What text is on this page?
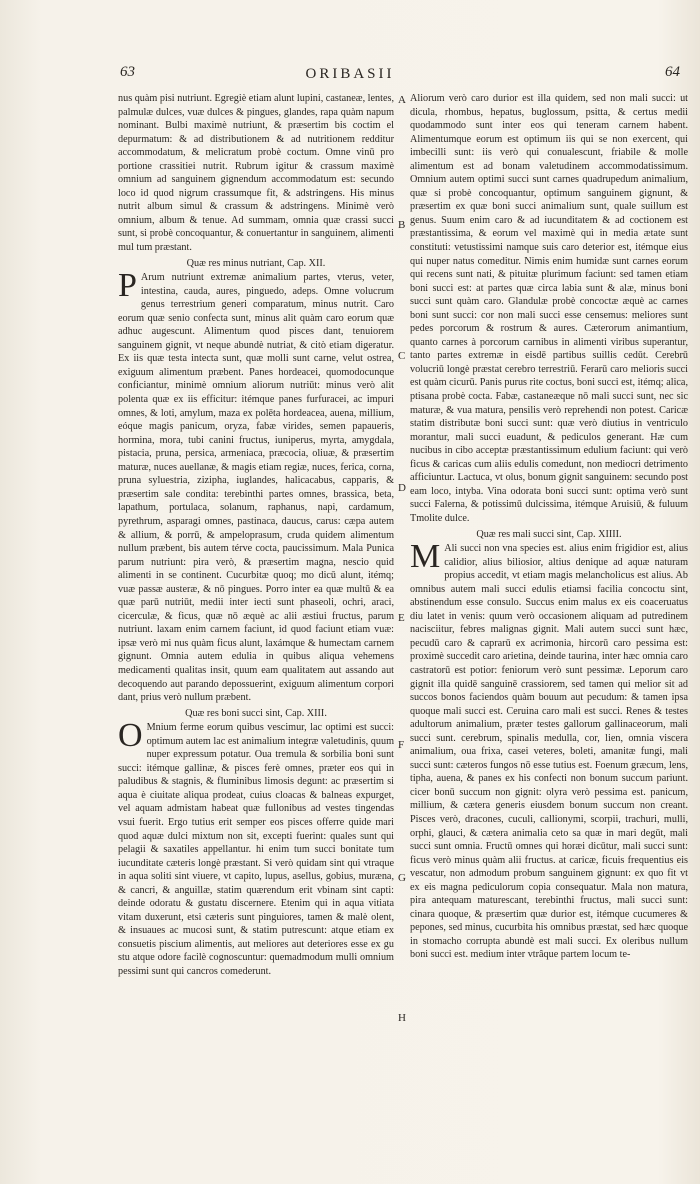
63	ORIBASII	64

nus quàm pisi nutriunt. Egregiè etiam alunt lupini, castaneæ, lentes, palmulæ dulces, vuæ dulces & pingues, glandes, rapa quàm napum nominant. Bulbi maximè nutriunt, & præsertim bis coctim el depurmatum: & ad distributionem & ad nutritionem redditur accommodatum, & melicratum probè coctum. Omne vinū pro portione crassitiei nutrit. Rubrum igitur & crassum maximè omnium ad sanguinem gignendum accommodatum est: secundo loco id quod nigrum crassumque fit, & adstringens. His minus nutrit album simul & crassum & adstringens. Minimè verò omnium, album & tenue. Ad summam, omnia quæ crassi succi sunt, si probè concoquantur, & conuertantur in sanguinem, alimenti mul tum præstant.

Quæ res minus nutriant, Cap. XII.

P Arum nutriunt extremæ animalium partes, vterus, veter, intestina, cauda, aures, pinguedo, adeps. Omne volucrum genus terrestrium generi comparatum, minus nutrit. Caro eorum quæ senio confecta sunt, minus alit quàm caro eorum quæ adhuc augescunt. Alimentum quod pisces dant, tenuiorem sanguinem gignit, vt neque abundè nutriat, & citò etiam digeratur. Ex iis quæ testa intecta sunt, quæ molli sunt carne, velut ostrea, exiguum alimentum præbent. Panes hordeacei, quomodocunque conficiantur, minimè omnium aliorum nutriūt: minus verò alit polenta quæ ex iis efficitur: itémque panes furfuracei, ac impuri omnes, & loti, amylum, maza ex polēta hordeacea, auena, millium, eóque magis panicum, oryza, fabæ virides, semen papaueris, hormina, mora, tubi canini fructus, iuniperus, myrta, amygdala, pistacia, pruna, persica, armeniaca, præcocia, oliuæ, & præsertim maturæ, nuces auellanæ, & magis etiam regiæ, nuces, ferica, corna, pruna syluestria, zizipha, iuglandes, halicacabus, capparis, & præsertim sale condita: terebinthi partes omnes, brassica, beta, lapathum, portulaca, solanum, raphanus, napi, cardamum, pyrethrum, asparagi omnes, pastinaca, daucus, carus: cæpa autem & allium, & porrū, & ampeloprasum, cruda quidem alimentum nullum præbent, bis autem térve cocta, paucissimum. Mala Punica parum nutriunt: pira verò, & præsertim magna, nescio quid alimenti in se continent. Cucurbitæ quoq; mo dicū alunt, itémq; vuæ passæ austeræ, & nō pingues. Porro inter ea quæ multū & ea quæ parū nutriūt, medii inter iecti sunt phaseoli, ochri, araci, cicerculæ, & ficus, quæ nō æquè ac alii æstiui fructus, parum nutriunt. laxam enim carnem faciunt, id quod faciunt etiam vuæ: ipsæ verò mi nus quàm ficus alunt, laxámque & humectam carnem gignunt. Omnia autem edulia in quibus aliqua vehemens medicamenti qualitas insit, quum eam qualitatem aut assando aut decoquendo aut parando depossuerint, exiguum alimentum corpori dant, prius verò nullum præbent.

Quæ res boni succi sint, Cap. XIII.

O Mnium ferme eorum quibus vescimur, lac optimi est succi: optimum autem lac est animalium integræ valetudinis, quum nuper expressum potatur. Oua tremula & sorbilia boni sunt succi: itémque gallinæ, & pisces ferè omnes, præter eos qui in paludibus & stagnis, & fluminibus limosis degunt: ac præsertim si aqua è ciuitate aliqua prodeat, cuius cloacas & balneas expurget, vel aquam admistam habeat quæ fullonibus ad vestes tingendas vsui fuerit. Ergo tutius erit semper eos pisces offerre quide mari quod aquæ dulci mixtum non sit, excepti fuerint: quales sunt qui pelagii & saxatiles appellantur. hi enim tum succi bonitate tum iucunditate cæteris longè præstant. Si verò quidam sint qui vtraque in aqua soliti sint viuere, vt capito, lupus, asellus, gobius, muræna, & cancri, & anguillæ, statim quærendum erit vbinam sint capti: deinde odoratu & gustatu discernere. Etenim qui in aqua vitiata vitam duxerunt, etsi cæteris sunt pinguiores, tamen & malè olent, & insuaues ac mucosi sunt, & statim putrescunt: atque etiam ex consuetis piscium alimentis, aut meliores aut deteriores esse ex gu stu atque odore facilè cognoscuntur: quemadmodum mulli omnium pessimi sunt qui cancros comederunt.

A
B
C
D
E
F
G
H

Aliorum verò caro durior est illa quidem, sed non mali succi: ut dicula, rhombus, hepatus, buglossum, psitta, & certus medii quodammodo sunt inter eos qui teneram carnem habent. Alimentumque eorum est optimum iis qui se non exercent, qui imbecilli sunt: iis verò qui conualescunt, friabile & molle alimentum est ad bonam valetudinem accommodatissimum. Omnium autem optimi succi sunt carnes quadrupedum animalium, quæ si probè concoquantur, optimum sanguinem gignunt, & præsertim ex quæ boni succi animalium sunt, quale suillum est genus. Suum enim caro & ad iucunditatem & ad coctionem est præstantissima, & eorum vel maximè qui in media ætate sunt constituti: vetustissimi namque suis caro deterior est, itémque eius qui nuper natus comeditur. Nimis enim humidæ sunt carnes eorum qui recens sunt nati, & pituitæ plurimum faciunt: sed tamen etiam boni succi est: at partes quæ circa labia sunt & alæ, minus boni succi sunt quàm caro. Glandulæ probè concoctæ æquè ac carnes boni sunt succi: cor non mali succi esse censemus: meliores sunt pedes porcorum & rostrum & aures. Cæterorum animantium, quanto carnes à porcorum carnibus in alimenti viribus superantur, tanto partes extremæ in eisdē partibus suillis cedūt. Cerebrū volucriū longè præstat cerebro terrestriū. Ferarū caro melioris succi est quàm cicurū. Panis purus rite coctus, boni succi est, itémq; alica, ptisana probè cocta. Fabæ, castaneæque nō mali succi sunt, nec sic maturæ, & vua matura, pensilis verò reprehendi non potest. Caricæ statim distributæ boni succi sunt: quæ verò diutius in ventriculo morantur, mali succi euadunt, & pediculos generant. Hæ cum nucibus in cibo acceptæ præstantissimum edulium faciunt: qui verò ficus & caricas cum aliis edulis comedunt, non mediocri detrimento afficiuntur. Lactuca, vt olus, bonum gignit sanguinem: secundo post eam loco, intyba. Vina odorata boni succi sunt: optima verò sunt succi Falerna, & potissimū dulcissima, itémque Aruisiū, & fuluum Tmolite dulce.

Quæ res mali succi sint, Cap. XIIII.

M Ali succi non vna species est. alius enim frigidior est, alius calidior, alius biliosior, altius denique ad aquæ naturam propius accedit, vt etiam magis melancholicus est alius. Ab omnibus autem mali succi edulis etiamsi facilia concoctu sint, abstinendum esse consulo. Succus enim malus ex eis coaceruatus diu latet in venis: quum verò occasionem aliquam ad putredinem nacisciitur, febres malignas gignit. Mali autem succi sunt hæc, pecudū caro & caprarū ex acrimonia, hircorū caro pessima est: proximè succedit caro arietina, deinde taurina, inter hæc omnia caro castratorū est potior: feniorum verò sunt pessimæ. Leporum caro gignit illa quidē sanguinē crassiorem, sed tamen qui melior sit ad succos bonos faciendos quàm bouum aut pecudum: & tamen ipsa quoque mali succi est. Ceruina caro mali est succi. Renes & testes adultorum animalium, præter testes gallorum gallinaceorum, mali succi sunt. cerebrum, spinalis medulla, cor, lien, omnia viscera animalium, oua frixa, casei veteres, boleti, amanitæ fungi, mali succi sunt: cæteros fungos nō esse tutius est. Foenum græcum, lens, tipha, auena, & panes ex his confecti non bonum succum pariunt. cicer bonū succum non gignit: olyra verò pessima est. panicum, millium, & cætera generis eiusdem bonum succum non creant. Pisces verò, dracones, cuculi, callionymi, scorpii, trachuri, mulli, orphi, glauci, & cætera animalia ceto sa quæ in mari degūt, mali succi sunt omnia. Fructū omnes qui horæi dicūtur, mali succi sunt: ficus verò minus quàm alii fructus. at caricæ, ficuis frequentius eis vescatur, non admodum probum sanguinem gignunt: ex quo fit vt ex eis magna pediculorum copia consequatur. Mala non matura, pira antequam maturescant, terebinthi fructus, mali succi sunt: cinara quoque, & præsertim quæ durior est, itémque cucumeres & pepones, sed minus, cucurbita his omnibus præstat, sed hæc quoque in stomacho corrupta abundè est mali succi. Ex oleribus nullum boni succi est. medium inter vtrâque partem locum te-
